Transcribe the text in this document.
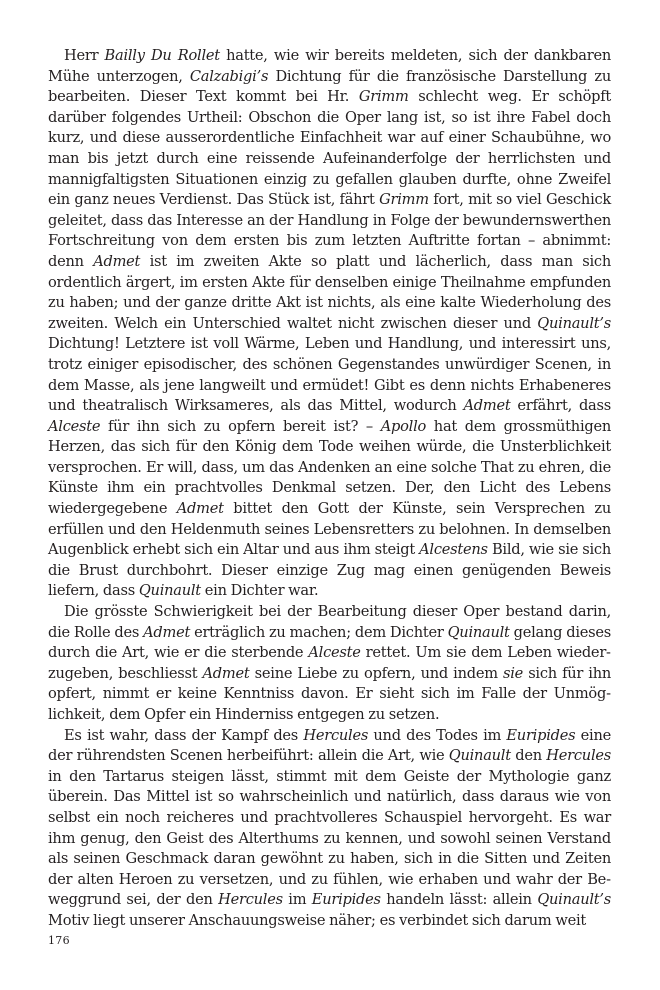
Herr Bailly Du Rollet hatte, wie wir bereits meldeten, sich der dankbaren Mühe unterzogen, Calzabigi’s Dichtung für die französische Darstellung zu bearbeiten. Dieser Text kommt bei Hr. Grimm schlecht weg. Er schöpft darüber folgendes Urtheil: Obschon die Oper lang ist, so ist ihre Fabel doch kurz, und diese ausserordentliche Einfachheit war auf einer Schaubühne, wo man bis jetzt durch eine reissende Aufeinanderfolge der herrlichsten und mannigfaltigsten Situationen einzig zu gefallen glauben durfte, ohne Zweifel ein ganz neues Verdienst. Das Stück ist, fährt Grimm fort, mit so viel Geschick geleitet, dass das Interesse an der Handlung in Folge der bewundernswerthen Fortschreitung von dem ersten bis zum letzten Auftritte fortan – abnimmt: denn Admet ist im zweiten Akte so platt und lächerlich, dass man sich ordentlich ärgert, im ersten Akte für denselben einige Theilnahme empfunden zu haben; und der ganze dritte Akt ist nichts, als eine kalte Wiederholung des zweiten. Welch ein Unterschied waltet nicht zwischen dieser und Quinault’s Dichtung! Letztere ist voll Wärme, Leben und Handlung, und interessirt uns, trotz einiger episodischer, des schönen Gegenstandes unwürdiger Scenen, in dem Masse, als jene langweilt und ermüdet! Gibt es denn nichts Erhabeneres und theatralisch Wirksameres, als das Mittel, wodurch Admet erfährt, dass Alceste für ihn sich zu opfern bereit ist? – Apollo hat dem grossmüthigen Herzen, das sich für den König dem Tode weihen würde, die Unsterblichkeit versprochen. Er will, dass, um das Andenken an eine solche That zu ehren, die Künste ihm ein prachtvolles Denkmal setzen. Der, den Licht des Lebens wiedergegebene Admet bittet den Gott der Künste, sein Versprechen zu erfüllen und den Heldenmuth seines Lebensretters zu belohnen. In demselben Augenblick erhebt sich ein Altar und aus ihm steigt Alcestens Bild, wie sie sich die Brust durchbohrt. Dieser einzige Zug mag einen genügenden Beweis liefern, dass Quinault ein Dichter war.

Die grösste Schwierigkeit bei der Bearbeitung dieser Oper bestand darin, die Rolle des Admet erträglich zu machen; dem Dichter Quinault gelang dieses durch die Art, wie er die sterbende Alceste rettet. Um sie dem Leben wiederzugeben, beschliesst Admet seine Liebe zu opfern, und indem sie sich für ihn opfert, nimmt er keine Kenntniss davon. Er sieht sich im Falle der Unmöglichkeit, dem Opfer ein Hinderniss entgegen zu setzen.

Es ist wahr, dass der Kampf des Hercules und des Todes im Euripides eine der rührendsten Scenen herbeiführt: allein die Art, wie Quinault den Hercules in den Tartarus steigen lässt, stimmt mit dem Geiste der Mythologie ganz überein. Das Mittel ist so wahrscheinlich und natürlich, dass daraus wie von selbst ein noch reicheres und prachtvolleres Schauspiel hervorgeht. Es war ihm genug, den Geist des Alterthums zu kennen, und sowohl seinen Verstand als seinen Geschmack daran gewöhnt zu haben, sich in die Sitten und Zeiten der alten Heroen zu versetzen, und zu fühlen, wie erhaben und wahr der Beweggrund sei, der den Hercules im Euripides handeln lässt: allein Quinault’s Motiv liegt unserer Anschauungsweise näher; es verbindet sich darum weit

176
